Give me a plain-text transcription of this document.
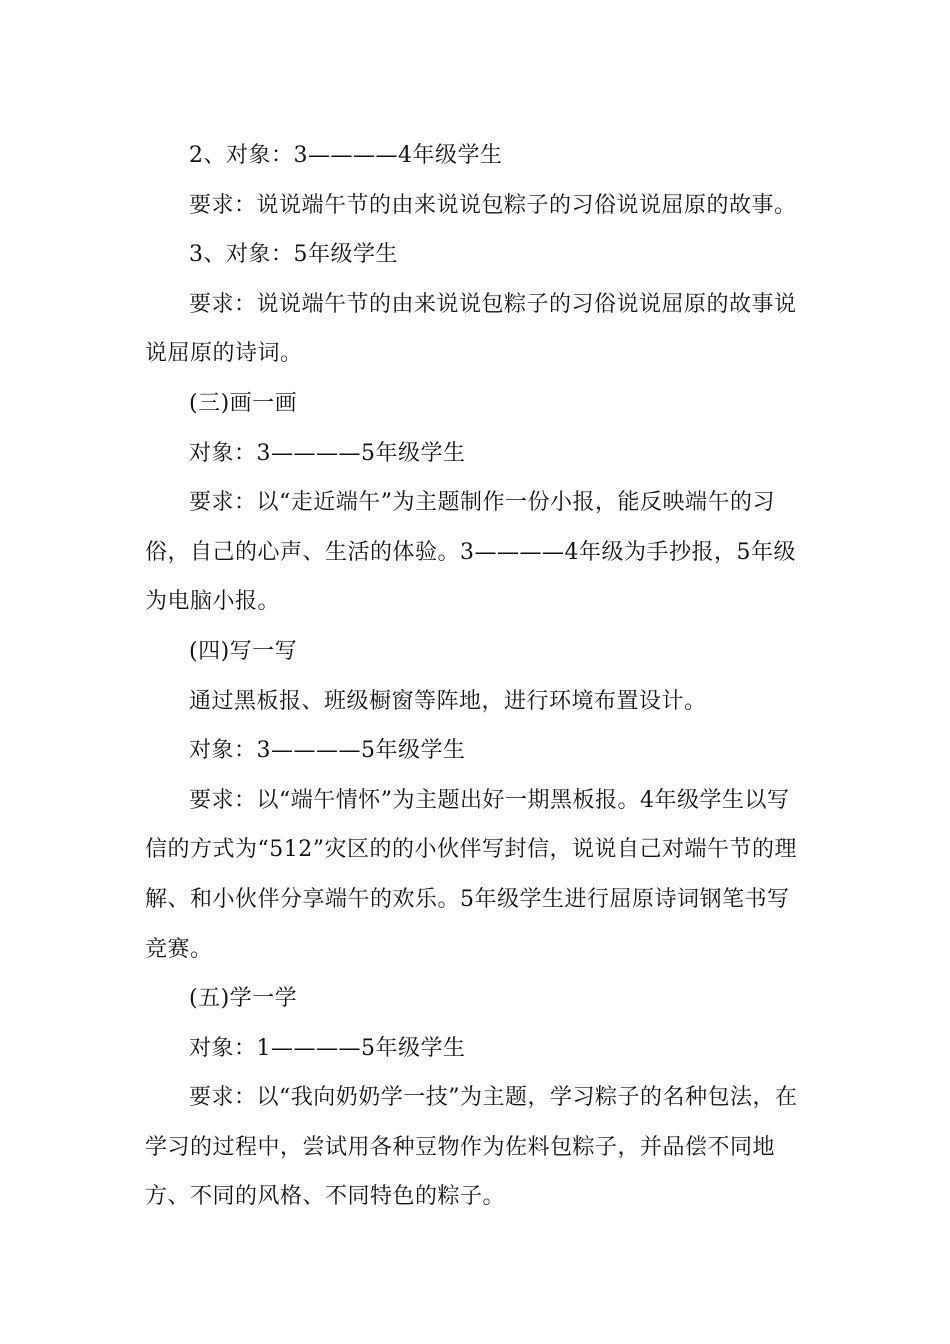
2、对象：3————4年级学生

要求：说说端午节的由来说说包粽子的习俗说说屈原的故事。

3、对象：5年级学生

要求：说说端午节的由来说说包粽子的习俗说说屈原的故事说说屈原的诗词。

(三)画一画

对象：3————5年级学生

要求：以“走近端午”为主题制作一份小报，能反映端午的习俗，自己的心声、生活的体验。3————4年级为手抄报，5年级为电脑小报。

(四)写一写

通过黑板报、班级橱窗等阵地，进行环境布置设计。

对象：3————5年级学生

要求：以“端午情怀”为主题出好一期黑板报。4年级学生以写信的方式为“512”灾区的的小伙伴写封信，说说自己对端午节的理解、和小伙伴分享端午的欢乐。5年级学生进行屈原诗词钢笔书写竞赛。

(五)学一学

对象：1————5年级学生

要求：以“我向奶奶学一技”为主题，学习粽子的名种包法，在学习的过程中，尝试用各种豆物作为佐料包粽子，并品偿不同地方、不同的风格、不同特色的粽子。
